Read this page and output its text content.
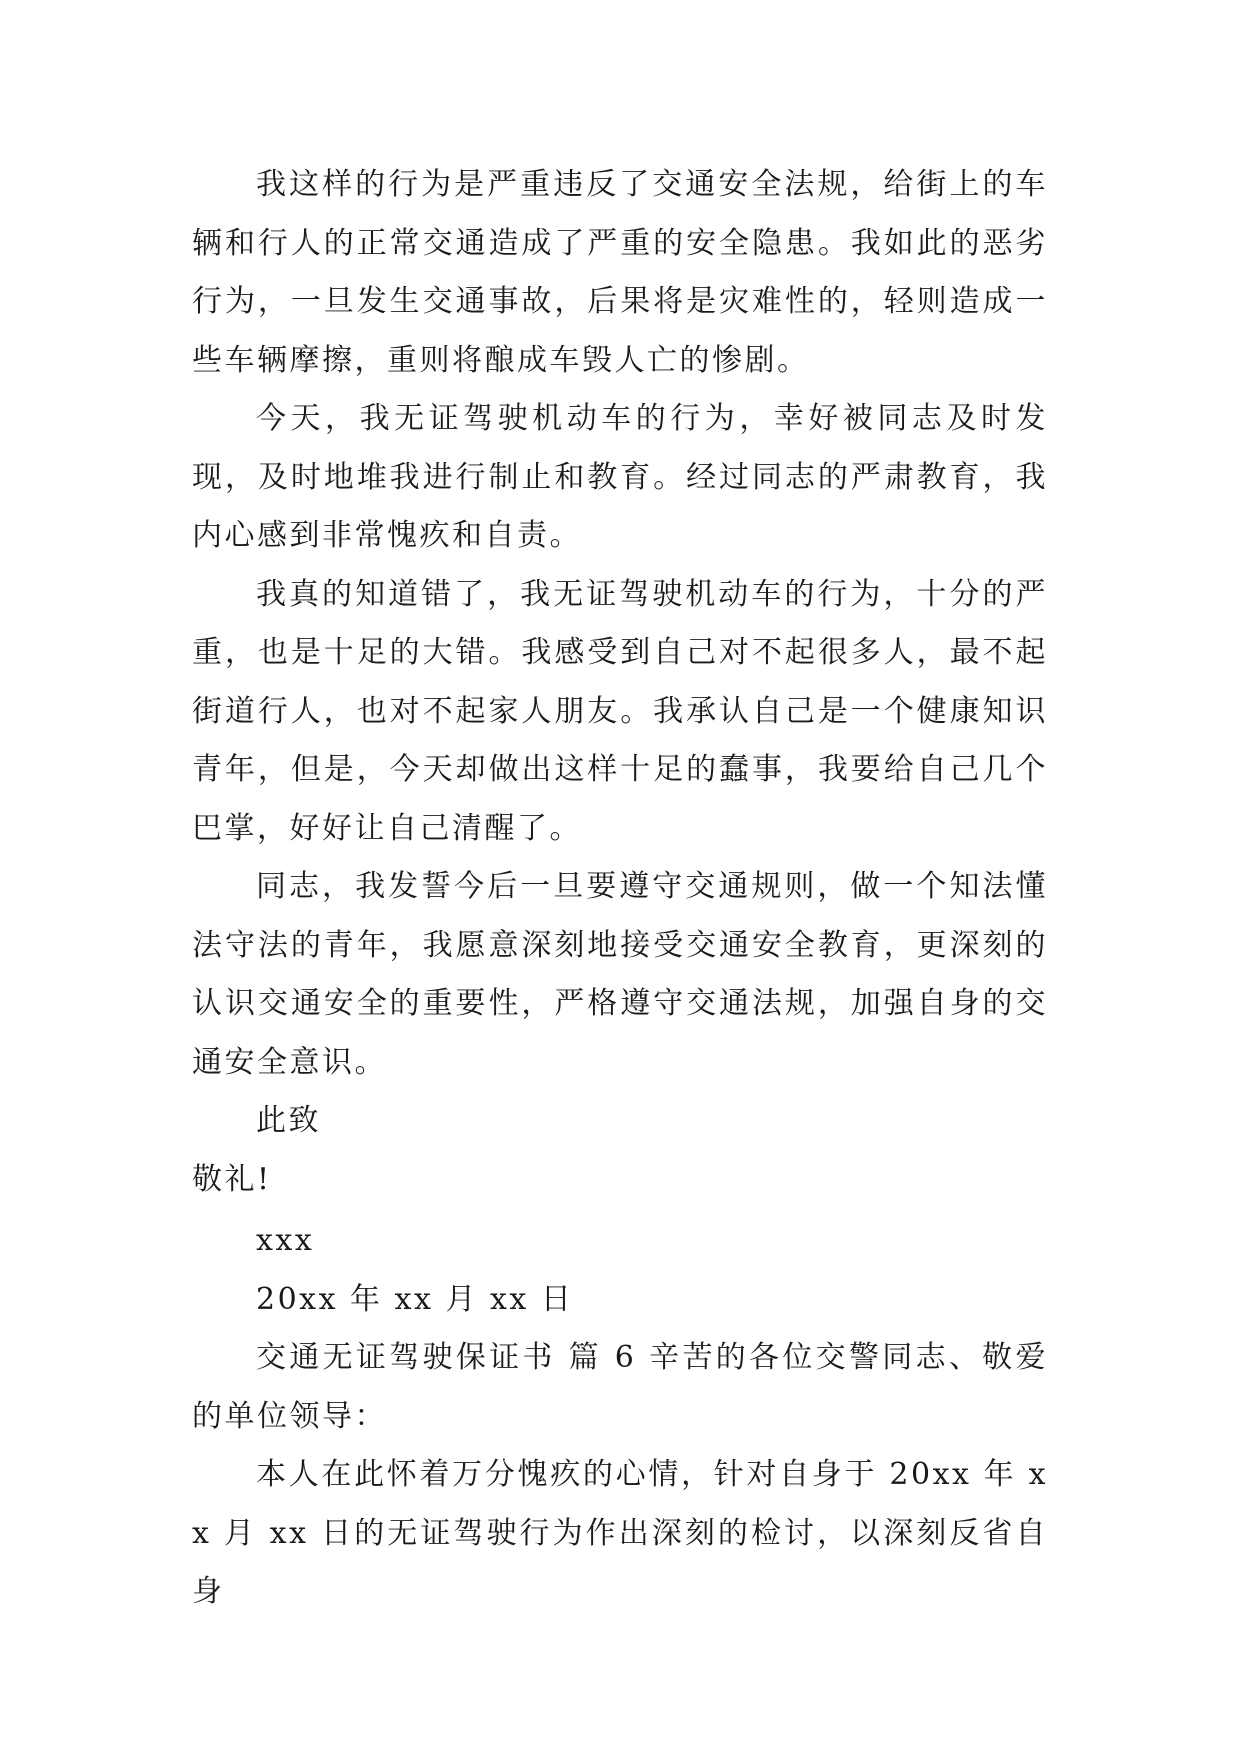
我这样的行为是严重违反了交通安全法规，给街上的车辆和行人的正常交通造成了严重的安全隐患。我如此的恶劣行为，一旦发生交通事故，后果将是灾难性的，轻则造成一些车辆摩擦，重则将酿成车毁人亡的惨剧。

今天，我无证驾驶机动车的行为，幸好被同志及时发现，及时地堆我进行制止和教育。经过同志的严肃教育，我内心感到非常愧疚和自责。

我真的知道错了，我无证驾驶机动车的行为，十分的严重，也是十足的大错。我感受到自己对不起很多人，最不起街道行人，也对不起家人朋友。我承认自己是一个健康知识青年，但是，今天却做出这样十足的蠢事，我要给自己几个巴掌，好好让自己清醒了。

同志，我发誓今后一旦要遵守交通规则，做一个知法懂法守法的青年，我愿意深刻地接受交通安全教育，更深刻的认识交通安全的重要性，严格遵守交通法规，加强自身的交通安全意识。

此致

敬礼!

xxx

20xx 年 xx 月 xx 日

交通无证驾驶保证书 篇 6 辛苦的各位交警同志、敬爱的单位领导：

本人在此怀着万分愧疚的心情，针对自身于 20xx 年 xx 月 xx 日的无证驾驶行为作出深刻的检讨，以深刻反省自身
